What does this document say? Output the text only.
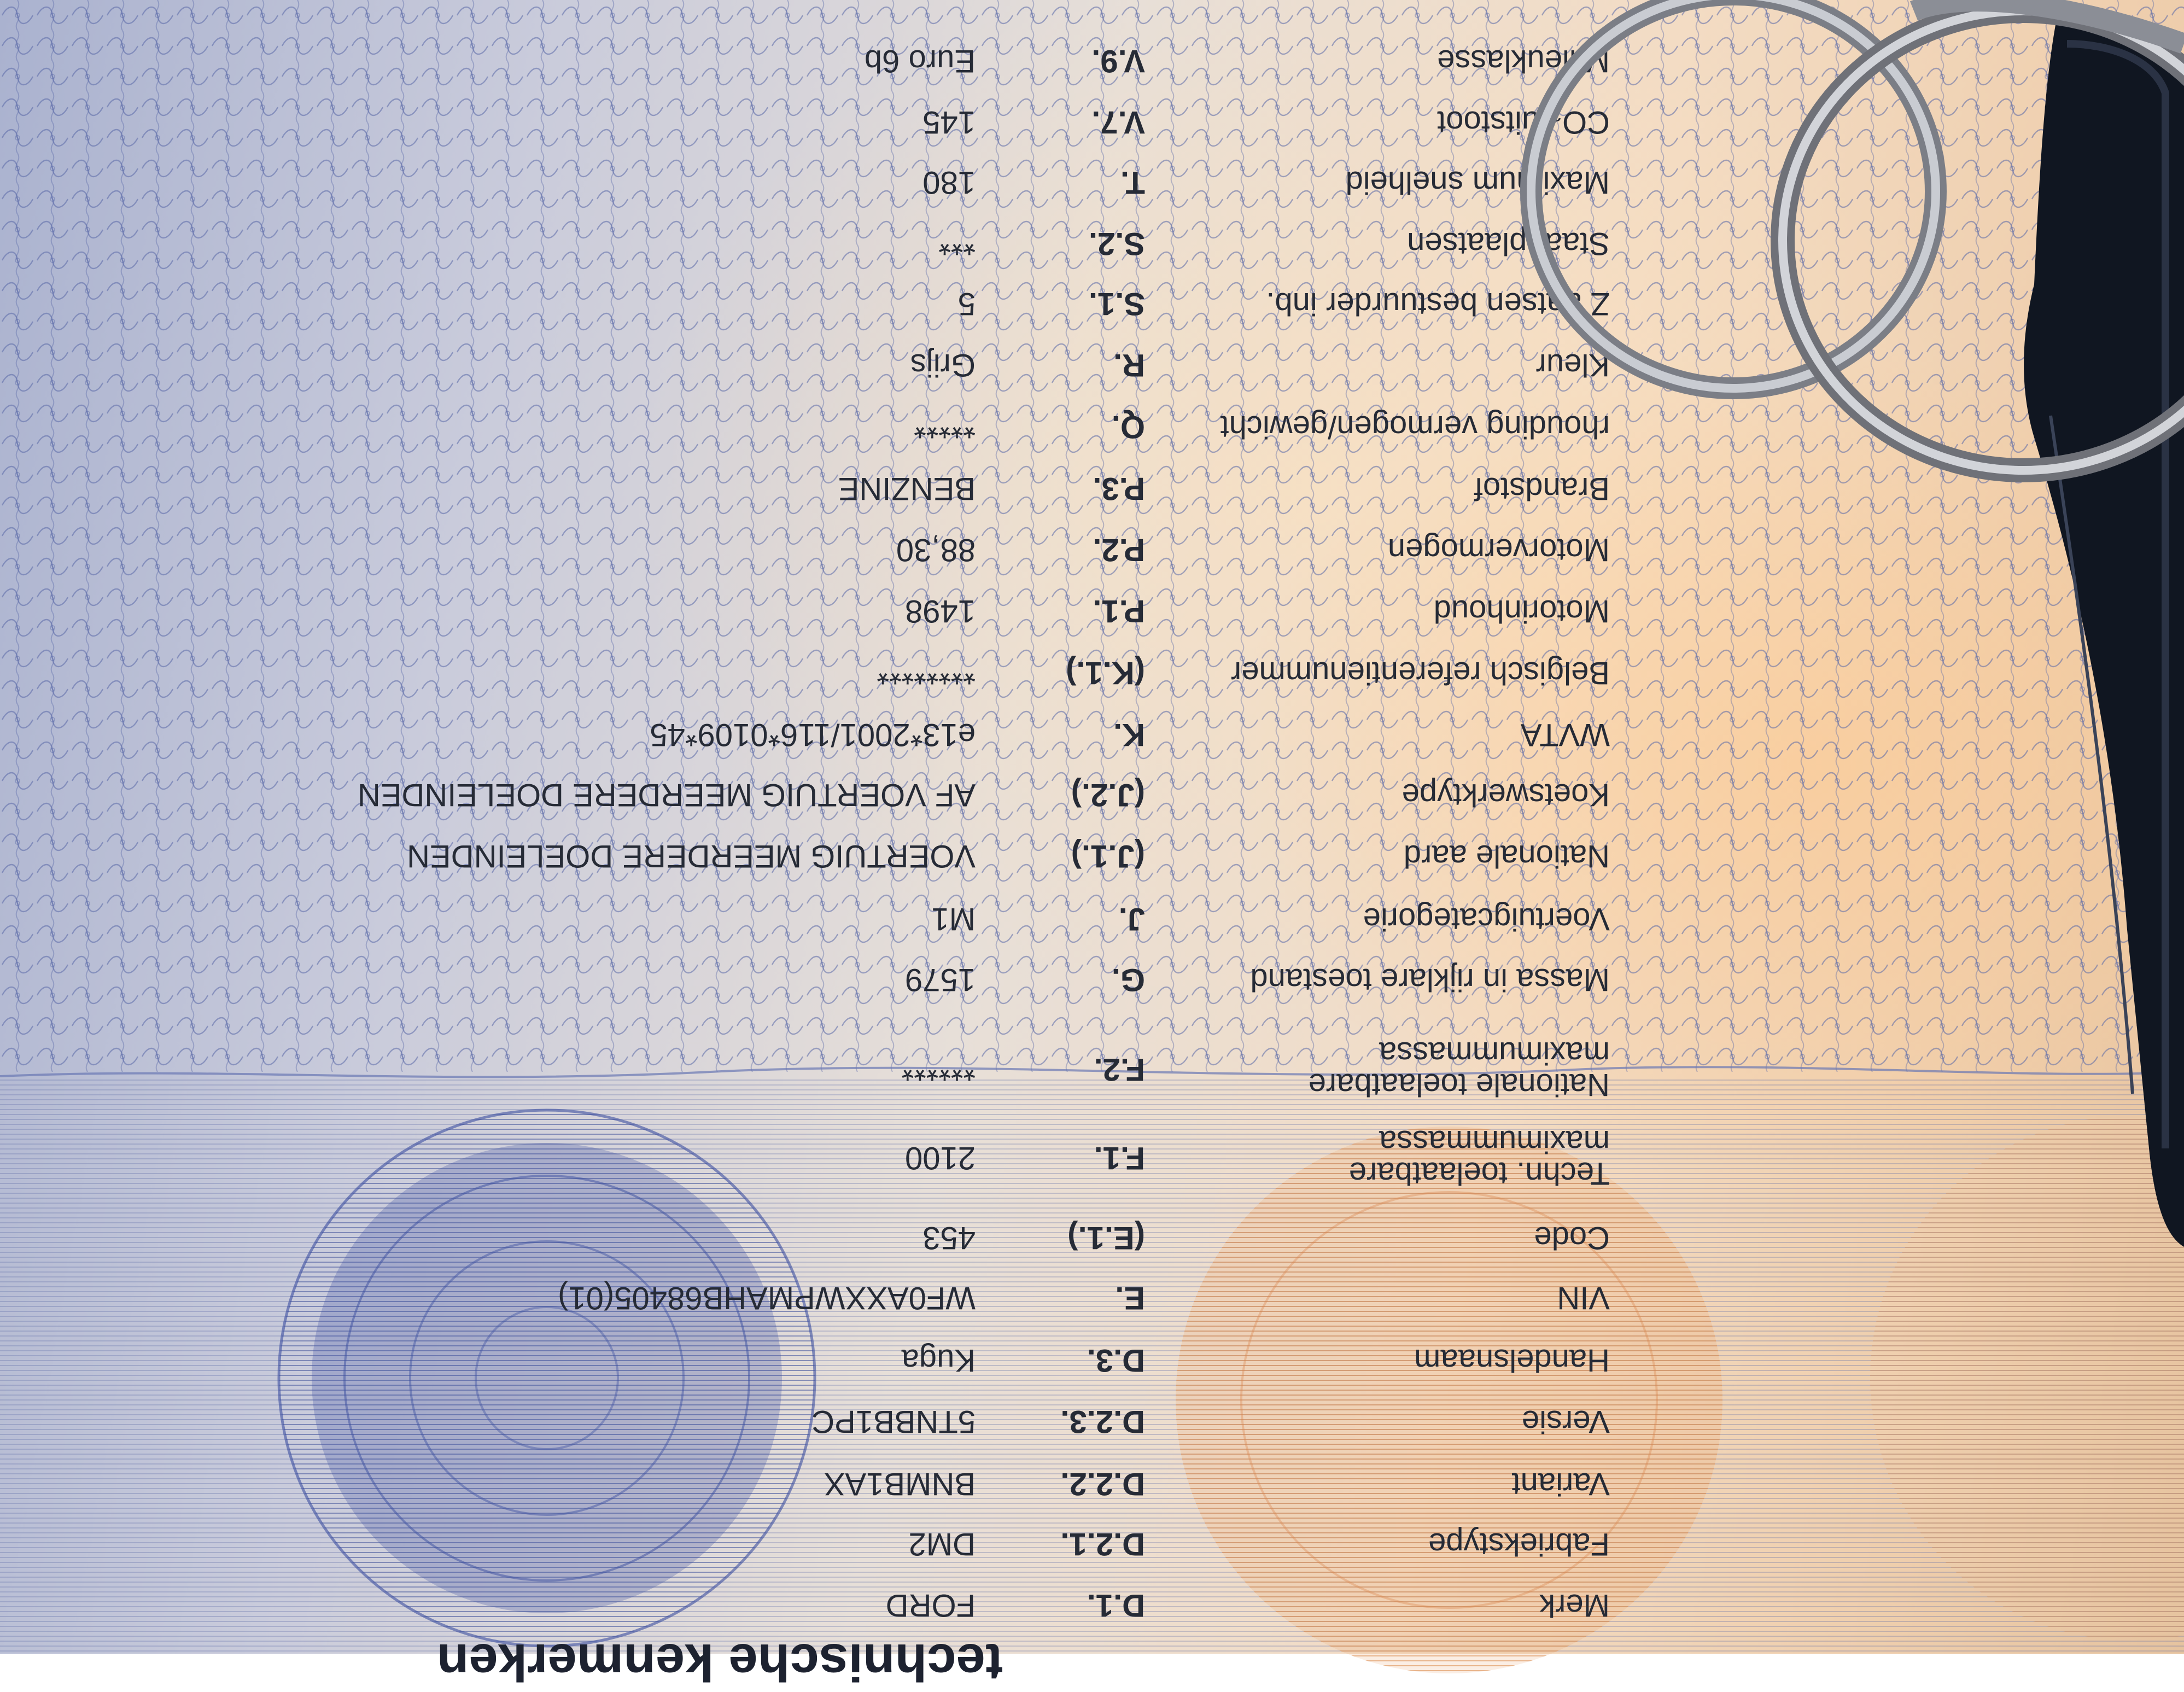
technische kenmerken
Merk
D.1.
FORD
Fabriekstype
D.2.1.
DM2
Variant
D.2.2.
BNMB1AX
Versie
D.2.3.
5TNBB1PC
Handelsnaam
D.3.
Kuga
VIN
E.
WF0AXXWPMAHB68405(01)
Code
(E.1.)
453
Techn. toelaatbare
maximummassa
F.1.
2100
Nationale toelaatbare
maximummassa
F.2.
******
Massa in rijklare toestand
G.
1579
Voertuigcategorie
J.
M1
Nationale aard
(J.1.)
VOERTUIG MEERDERE DOELEINDEN
Koetswerktype
(J.2.)
AF VOERTUIG MEERDERE DOELEINDEN
WVTA
K.
e13*2001/116*0109*45
Belgisch referentienummer
(K.1.)
********
Motorinhoud
P.1.
1498
Motorvermogen
P.2.
88,30
Brandstof
P.3.
BENZINE
rhouding vermogen/gewicht
Q.
*****
Kleur
R.
Grijs
Z aatsen bestuurder inb.
S.1.
5
Staanplaatsen
S.2.
***
Maximum snelheid
T.
180
CO₂-uitstoot
V.7.
145
Milieuklasse
V.9.
Euro 6b
